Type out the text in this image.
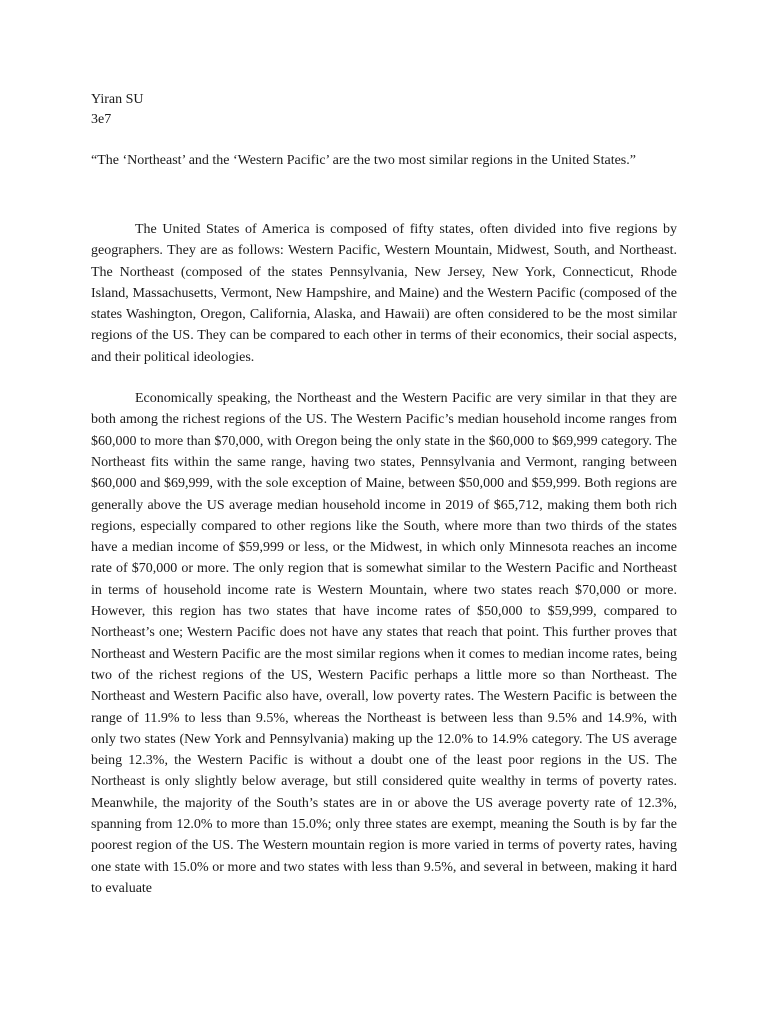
Yiran SU
3e7
“The ‘Northeast’ and the ‘Western Pacific’ are the two most similar regions in the United States.”

The United States of America is composed of fifty states, often divided into five regions by geographers. They are as follows: Western Pacific, Western Mountain, Midwest, South, and Northeast. The Northeast (composed of the states Pennsylvania, New Jersey, New York, Connecticut, Rhode Island, Massachusetts, Vermont, New Hampshire, and Maine) and the Western Pacific (composed of the states Washington, Oregon, California, Alaska, and Hawaii) are often considered to be the most similar regions of the US. They can be compared to each other in terms of their economics, their social aspects, and their political ideologies.

Economically speaking, the Northeast and the Western Pacific are very similar in that they are both among the richest regions of the US. The Western Pacific’s median household income ranges from $60,000 to more than $70,000, with Oregon being the only state in the $60,000 to $69,999 category. The Northeast fits within the same range, having two states, Pennsylvania and Vermont, ranging between $60,000 and $69,999, with the sole exception of Maine, between $50,000 and $59,999. Both regions are generally above the US average median household income in 2019 of $65,712, making them both rich regions, especially compared to other regions like the South, where more than two thirds of the states have a median income of $59,999 or less, or the Midwest, in which only Minnesota reaches an income rate of $70,000 or more. The only region that is somewhat similar to the Western Pacific and Northeast in terms of household income rate is Western Mountain, where two states reach $70,000 or more. However, this region has two states that have income rates of $50,000 to $59,999, compared to Northeast’s one; Western Pacific does not have any states that reach that point. This further proves that Northeast and Western Pacific are the most similar regions when it comes to median income rates, being two of the richest regions of the US, Western Pacific perhaps a little more so than Northeast. The Northeast and Western Pacific also have, overall, low poverty rates. The Western Pacific is between the range of 11.9% to less than 9.5%, whereas the Northeast is between less than 9.5% and 14.9%, with only two states (New York and Pennsylvania) making up the 12.0% to 14.9% category. The US average being 12.3%, the Western Pacific is without a doubt one of the least poor regions in the US. The Northeast is only slightly below average, but still considered quite wealthy in terms of poverty rates. Meanwhile, the majority of the South’s states are in or above the US average poverty rate of 12.3%, spanning from 12.0% to more than 15.0%; only three states are exempt, meaning the South is by far the poorest region of the US. The Western mountain region is more varied in terms of poverty rates, having one state with 15.0% or more and two states with less than 9.5%, and several in between, making it hard to evaluate
